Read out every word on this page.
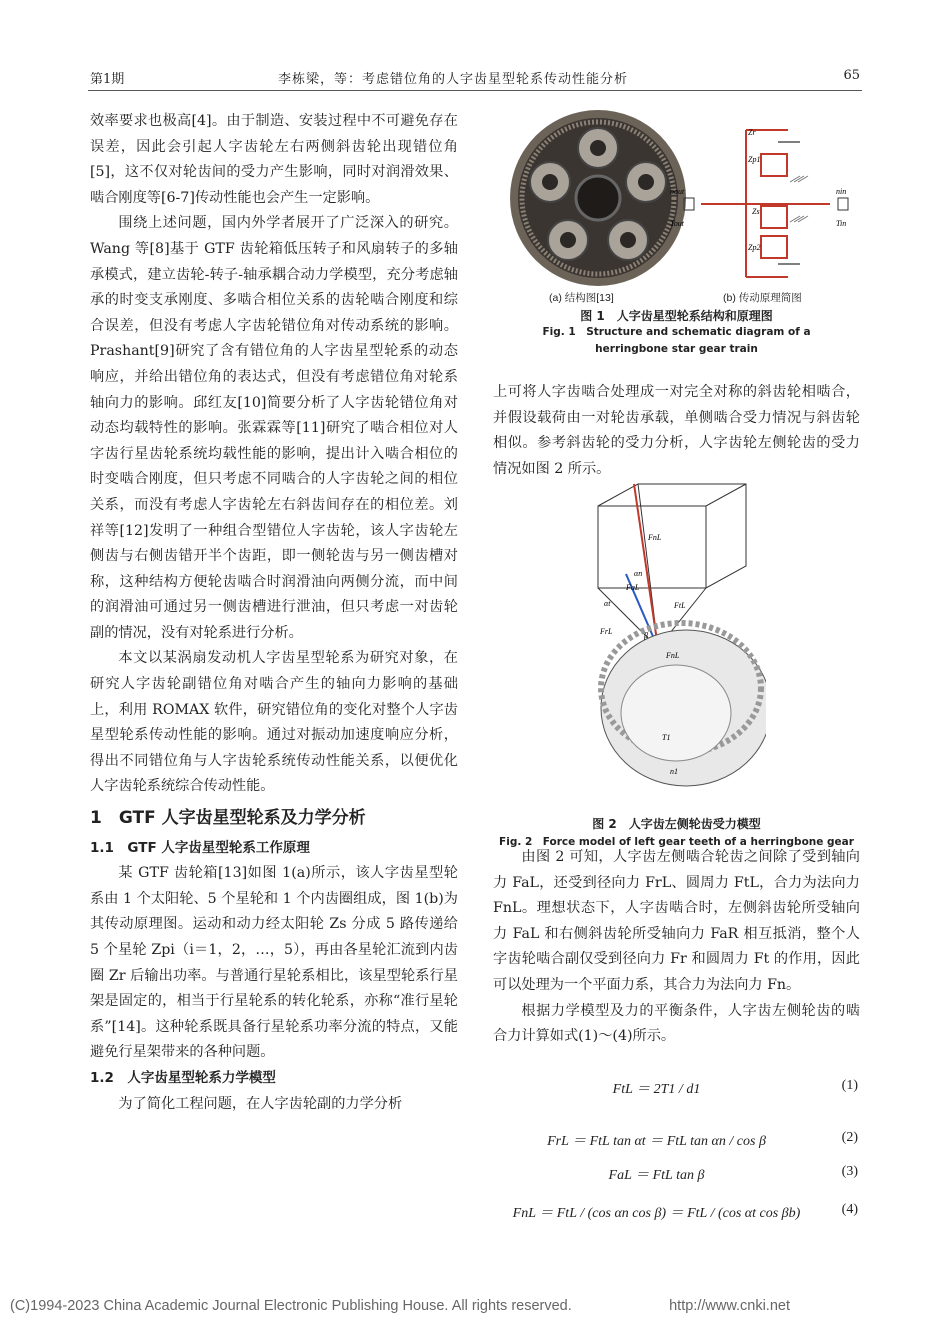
第1期	李栋梁，等：考虑错位角的人字齿星型轮系传动性能分析	65

效率要求也极高[4]。由于制造、安装过程中不可避免存在误差，因此会引起人字齿轮左右两侧斜齿轮出现错位角[5]，这不仅对轮齿间的受力产生影响，同时对润滑效果、啮合刚度等[6-7]传动性能也会产生一定影响。

围绕上述问题，国内外学者展开了广泛深入的研究。Wang 等[8]基于 GTF 齿轮箱低压转子和风扇转子的多轴承模式，建立齿轮-转子-轴承耦合动力学模型，充分考虑轴承的时变支承刚度、多啮合相位关系的齿轮啮合刚度和综合误差，但没有考虑人字齿轮错位角对传动系统的影响。Prashant[9]研究了含有错位角的人字齿星型轮系的动态响应，并给出错位角的表达式，但没有考虑错位角对轮系轴向力的影响。邱红友[10]简要分析了人字齿轮错位角对动态均载特性的影响。张霖霖等[11]研究了啮合相位对人字齿行星齿轮系统均载性能的影响，提出计入啮合相位的时变啮合刚度，但只考虑不同啮合的人字齿轮之间的相位关系，而没有考虑人字齿轮左右斜齿间存在的相位差。刘祥等[12]发明了一种组合型错位人字齿轮，该人字齿轮左侧齿与右侧齿错开半个齿距，即一侧轮齿与另一侧齿槽对称，这种结构方便轮齿啮合时润滑油向两侧分流，而中间的润滑油可通过另一侧齿槽进行泄油，但只考虑一对齿轮副的情况，没有对轮系进行分析。

本文以某涡扇发动机人字齿星型轮系为研究对象，在研究人字齿轮副错位角对啮合产生的轴向力影响的基础上，利用 ROMAX 软件，研究错位角的变化对整个人字齿星型轮系传动性能的影响。通过对振动加速度响应分析，得出不同错位角与人字齿轮系统传动性能关系，以便优化人字齿轮系统综合传动性能。

1　GTF 人字齿星型轮系及力学分析

1.1　GTF 人字齿星型轮系工作原理

某 GTF 齿轮箱[13]如图 1(a)所示，该人字齿星型轮系由 1 个太阳轮、5 个星轮和 1 个内齿圈组成，图 1(b)为其传动原理图。运动和动力经太阳轮 Zs 分成 5 路传递给 5 个星轮 Zpi（i＝1，2，…，5），再由各星轮汇流到内齿圈 Zr 后输出功率。与普通行星轮系相比，该星型轮系行星架是固定的，相当于行星轮系的转化轮系，亦称“准行星轮系”[14]。这种轮系既具备行星轮系功率分流的特点，又能避免行星架带来的各种问题。

1.2　人字齿星型轮系力学模型

为了简化工程问题，在人字齿轮副的力学分析

(a) 结构图[13]
Zr
Zp1
Zs
Zp2
nout
Tout
nin
Tin
(b) 传动原理简图
图 1　人字齿星型轮系结构和原理图
Fig. 1　Structure and schematic diagram of a
herringbone star gear train

上可将人字齿啮合处理成一对完全对称的斜齿轮相啮合，并假设载荷由一对轮齿承载，单侧啮合受力情况与斜齿轮相似。参考斜齿轮的受力分析，人字齿轮左侧轮齿的受力情况如图 2 所示。

FnL
αn
αt
FrL
FtL
FaL
β
FnL
T1
n1
图 2　人字齿左侧轮齿受力模型
Fig. 2　Force model of left gear teeth of a herringbone gear

由图 2 可知，人字齿左侧啮合轮齿之间除了受到轴向力 FaL，还受到径向力 FrL、圆周力 FtL，合力为法向力 FnL。理想状态下，人字齿啮合时，左侧斜齿轮所受轴向力 FaL 和右侧斜齿轮所受轴向力 FaR 相互抵消，整个人字齿轮啮合副仅受到径向力 Fr 和圆周力 Ft 的作用，因此可以处理为一个平面力系，其合力为法向力 Fn。

根据力学模型及力的平衡条件，人字齿左侧轮齿的啮合力计算如式(1)～(4)所示。

FtL ＝ 2T1 / d1	(1)
FrL ＝ FtL tan αt ＝ FtL tan αn / cos β	(2)
FaL ＝ FtL tan β	(3)
FnL ＝ FtL / (cos αn cos β) ＝ FtL / (cos αt cos βb)	(4)
(C)1994-2023 China Academic Journal Electronic Publishing House. All rights reserved.	http://www.cnki.net
